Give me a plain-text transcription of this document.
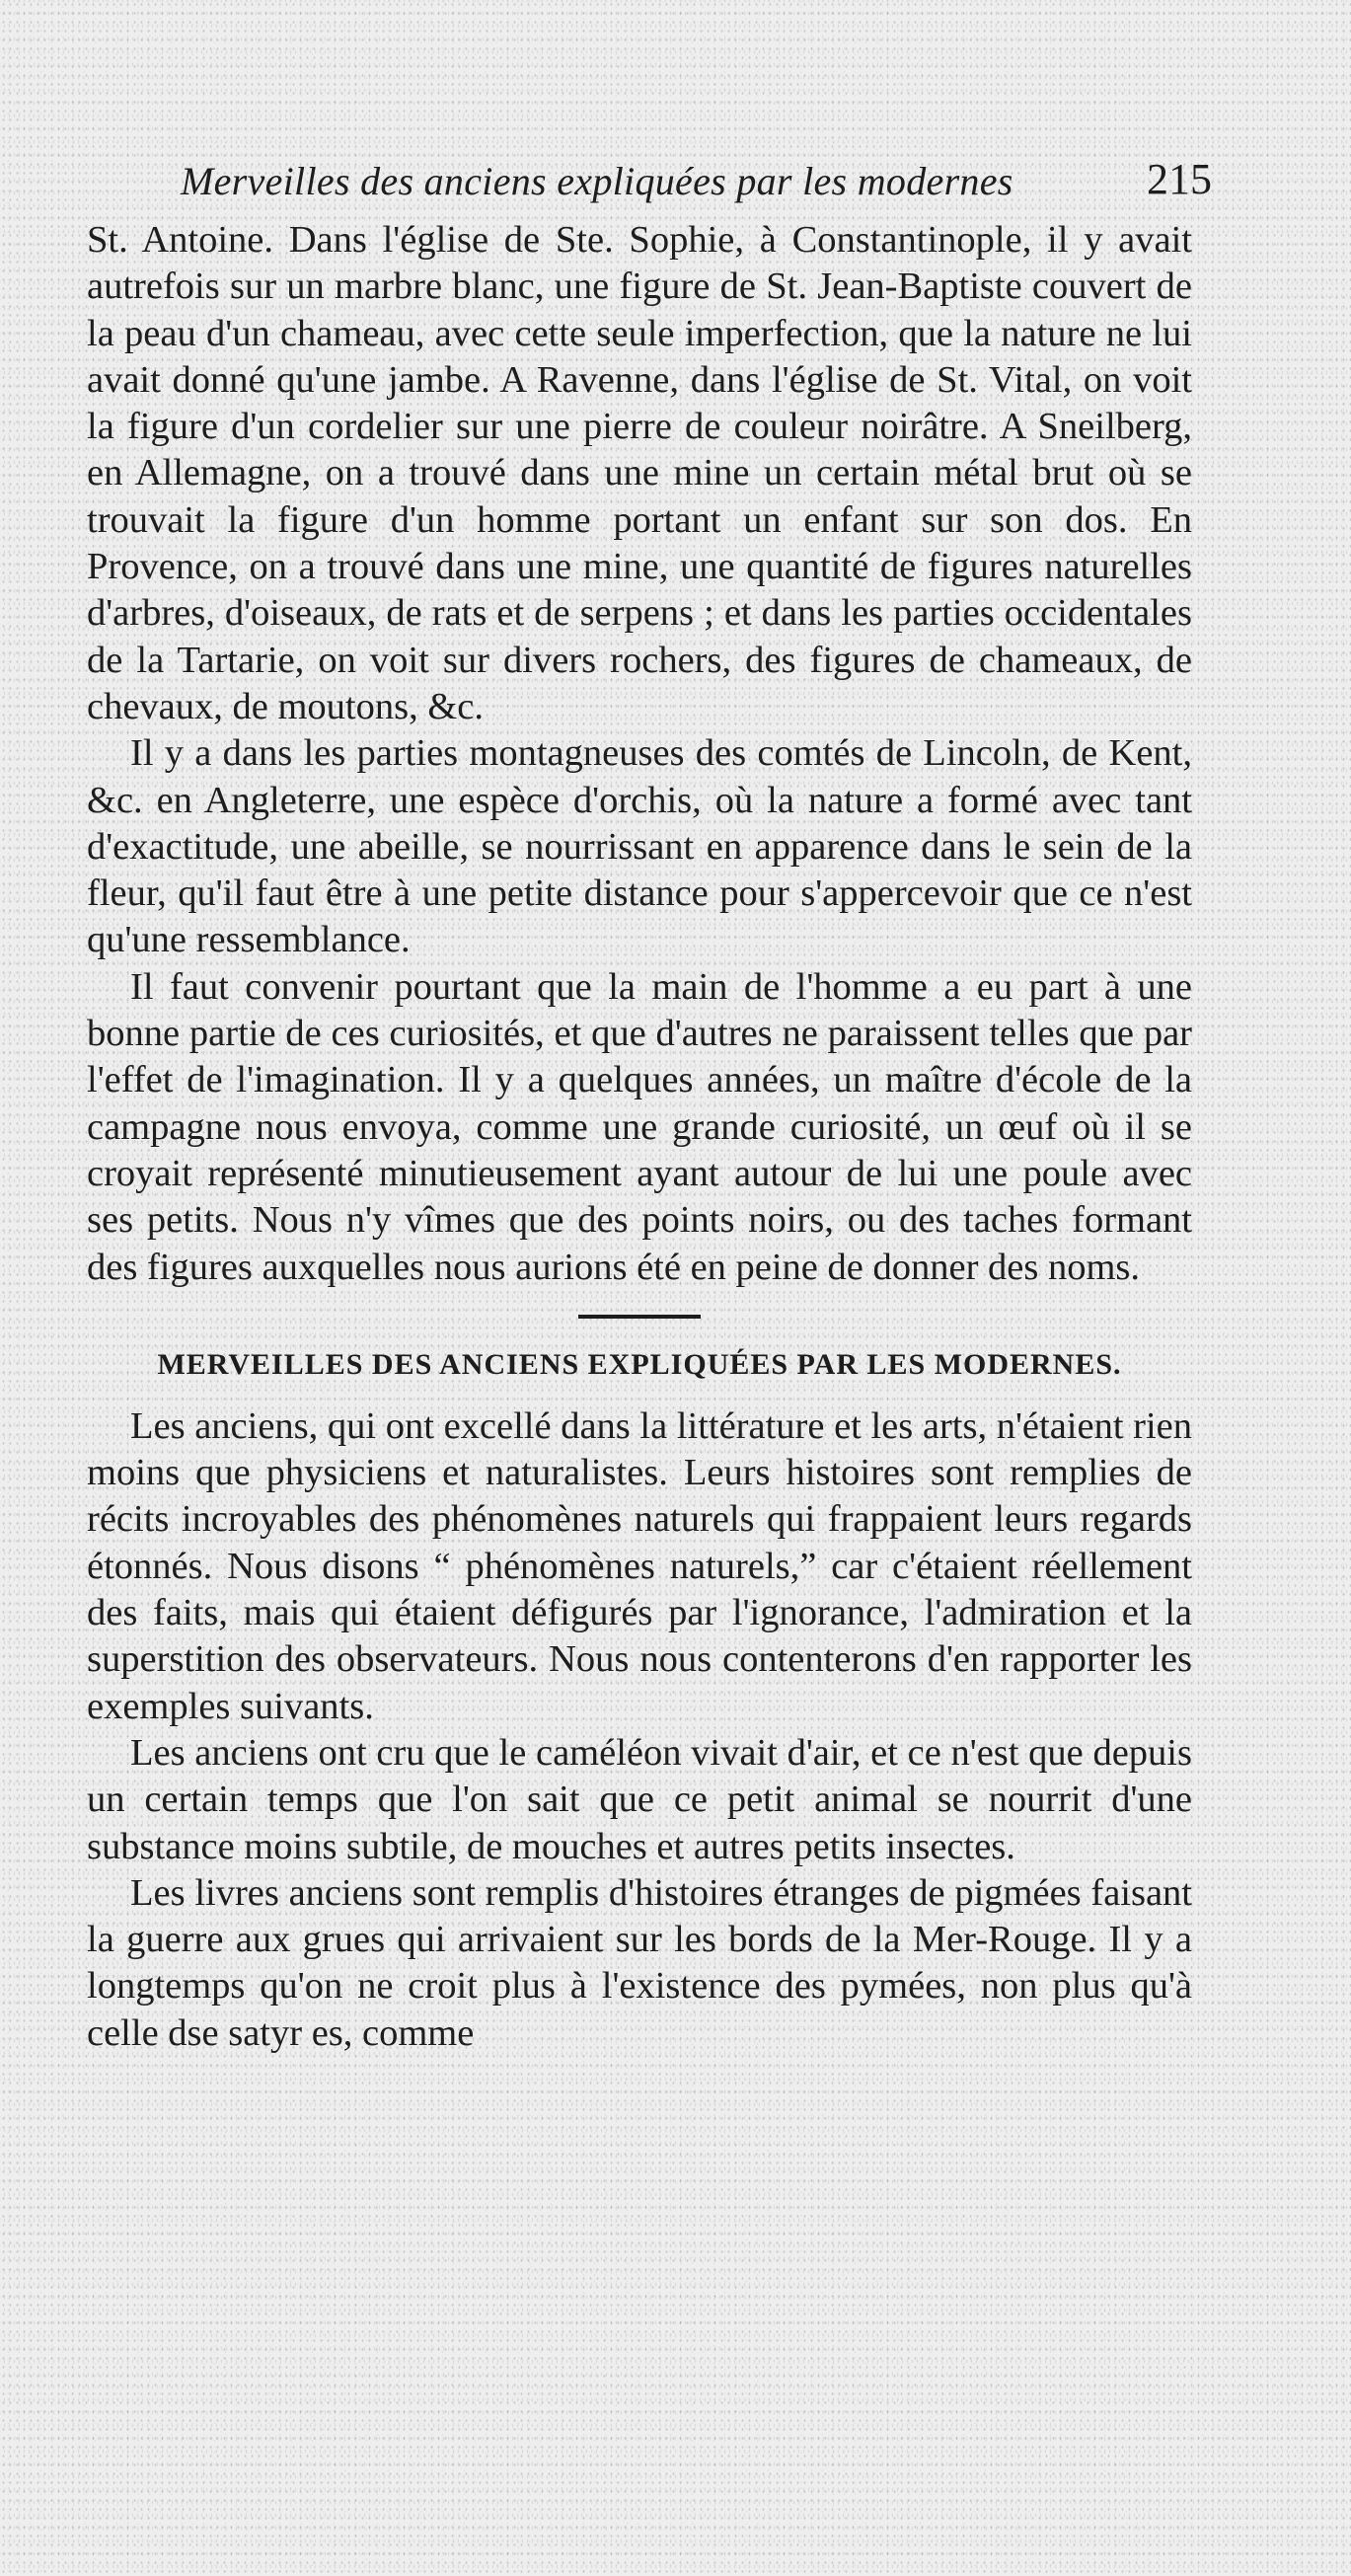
Merveilles des anciens expliquées par les modernes	215

St. Antoine. Dans l'église de Ste. Sophie, à Constantinople, il y avait autrefois sur un marbre blanc, une figure de St. Jean-Baptiste couvert de la peau d'un chameau, avec cette seule imperfection, que la nature ne lui avait donné qu'une jambe. A Ravenne, dans l'église de St. Vital, on voit la figure d'un cordelier sur une pierre de couleur noirâtre. A Sneilberg, en Allemagne, on a trouvé dans une mine un certain métal brut où se trouvait la figure d'un homme portant un enfant sur son dos. En Provence, on a trouvé dans une mine, une quantité de figures naturelles d'arbres, d'oiseaux, de rats et de serpens ; et dans les parties occidentales de la Tartarie, on voit sur divers rochers, des figures de chameaux, de chevaux, de moutons, &c.

Il y a dans les parties montagneuses des comtés de Lincoln, de Kent, &c. en Angleterre, une espèce d'orchis, où la nature a formé avec tant d'exactitude, une abeille, se nourrissant en apparence dans le sein de la fleur, qu'il faut être à une petite distance pour s'appercevoir que ce n'est qu'une ressemblance.

Il faut convenir pourtant que la main de l'homme a eu part à une bonne partie de ces curiosités, et que d'autres ne paraissent telles que par l'effet de l'imagination. Il y a quelques années, un maître d'école de la campagne nous envoya, comme une grande curiosité, un œuf où il se croyait représenté minutieusement ayant autour de lui une poule avec ses petits. Nous n'y vîmes que des points noirs, ou des taches formant des figures auxquelles nous aurions été en peine de donner des noms.

MERVEILLES DES ANCIENS EXPLIQUÉES PAR LES MODERNES.

Les anciens, qui ont excellé dans la littérature et les arts, n'étaient rien moins que physiciens et naturalistes. Leurs histoires sont remplies de récits incroyables des phénomènes naturels qui frappaient leurs regards étonnés. Nous disons “ phénomènes naturels,” car c'étaient réellement des faits, mais qui étaient défigurés par l'ignorance, l'admiration et la superstition des observateurs. Nous nous contenterons d'en rapporter les exemples suivants.

Les anciens ont cru que le caméléon vivait d'air, et ce n'est que depuis un certain temps que l'on sait que ce petit animal se nourrit d'une substance moins subtile, de mouches et autres petits insectes.

Les livres anciens sont remplis d'histoires étranges de pigmées faisant la guerre aux grues qui arrivaient sur les bords de la Mer-Rouge. Il y a longtemps qu'on ne croit plus à l'existence des pymées, non plus qu'à celle dse satyr es, comme
